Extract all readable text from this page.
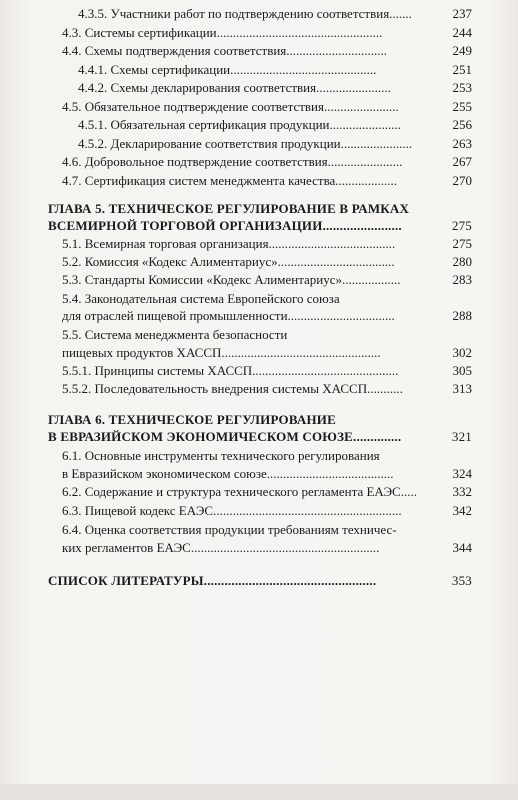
4.3.5. Участники работ по подтверждению соответствия.......	237
4.3. Системы сертификации...................................................	244
4.4. Схемы подтверждения соответствия...............................	249
4.4.1. Схемы сертификации.............................................	251
4.4.2. Схемы декларирования соответствия.......................	253
4.5. Обязательное подтверждение соответствия.......................	255
4.5.1. Обязательная сертификация продукции......................	256
4.5.2. Декларирование соответствия продукции......................	263
4.6. Добровольное подтверждение соответствия.......................	267
4.7. Сертификация систем менеджмента качества...................	270
ГЛАВА 5. ТЕХНИЧЕСКОЕ РЕГУЛИРОВАНИЕ В РАМКАХ
ВСЕМИРНОЙ ТОРГОВОЙ ОРГАНИЗАЦИИ.......................	275
5.1. Всемирная торговая организация.......................................	275
5.2. Комиссия «Кодекс Алиментариус»....................................	280
5.3. Стандарты Комиссии «Кодекс Алиментариус»..................	283
5.4. Законодательная система Европейского союза
для отраслей пищевой промышленности.................................	288
5.5. Система менеджмента безопасности
пищевых продуктов ХАССП.................................................	302
5.5.1. Принципы системы ХАССП.............................................	305
5.5.2. Последовательность внедрения системы ХАССП...........	313
ГЛАВА 6. ТЕХНИЧЕСКОЕ РЕГУЛИРОВАНИЕ
В ЕВРАЗИЙСКОМ ЭКОНОМИЧЕСКОМ СОЮЗЕ..............	321
6.1. Основные инструменты технического регулирования
в Евразийском экономическом союзе.......................................	324
6.2. Содержание и структура технического регламента ЕАЭС.....	332
6.3. Пищевой кодекс ЕАЭС..........................................................	342
6.4. Оценка соответствия продукции требованиям техничес-
ких регламентов ЕАЭС..........................................................	344
СПИСОК ЛИТЕРАТУРЫ..................................................	353
